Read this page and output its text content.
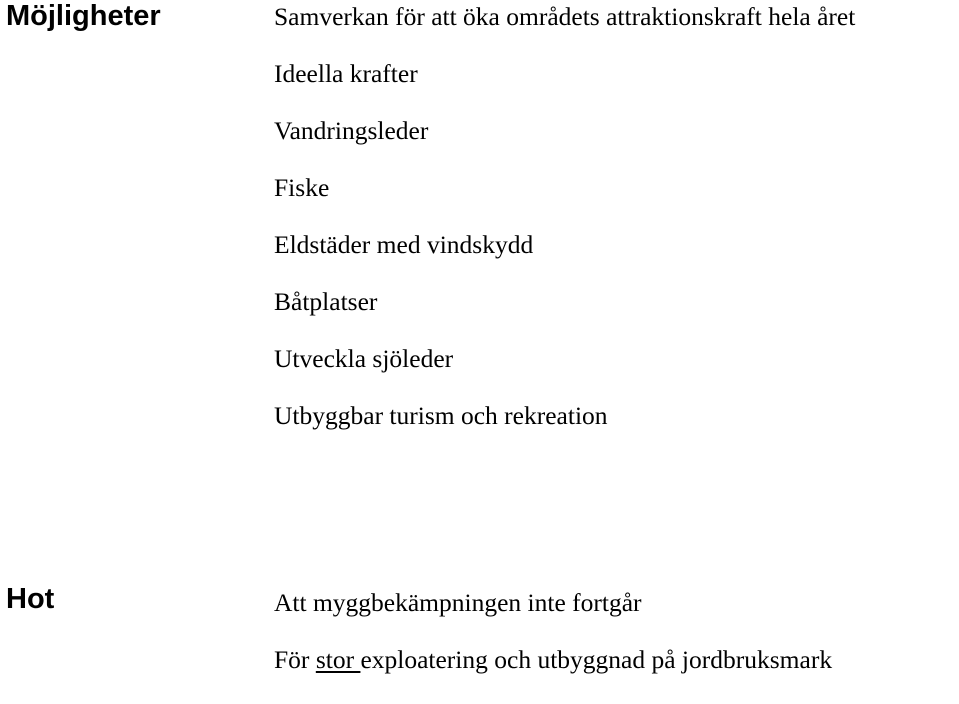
Möjligheter	Samverkan för att öka områdets attraktionskraft hela året
Ideella krafter
Vandringsleder
Fiske
Eldstäder med vindskydd
Båtplatser
Utveckla sjöleder
Utbyggbar turism och rekreation
Hot	Att myggbekämpningen inte fortgår
För stor exploatering och utbyggnad på jordbruksmark
